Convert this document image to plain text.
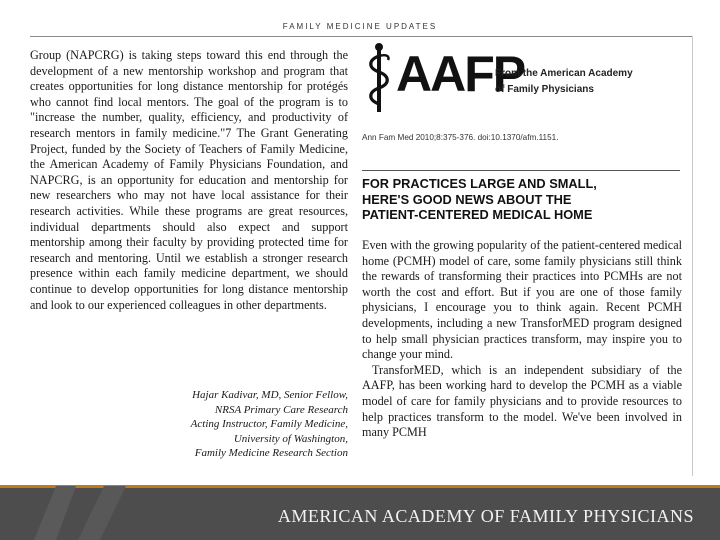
FAMILY MEDICINE UPDATES

Group (NAPCRG) is taking steps toward this end through the development of a new mentorship workshop and program that creates opportunities for long distance mentorship for protégés who cannot find local mentors. The goal of the program is to "increase the number, quality, efficiency, and productivity of research mentors in family medicine."7 The Grant Generating Project, funded by the Society of Teachers of Family Medicine, the American Academy of Family Physicians Foundation, and NAPCRG, is an opportunity for education and mentorship for new researchers who may not have local assistance for their research activities. While these programs are great resources, individual departments should also expect and support mentorship among their faculty by providing protected time for research and mentoring. Until we establish a stronger research presence within each family medicine department, we should continue to develop opportunities for long distance mentorship and look to our experienced colleagues in other departments.

Hajar Kadivar, MD, Senior Fellow,
NRSA Primary Care Research
Acting Instructor, Family Medicine,
University of Washington,
Family Medicine Research Section
AAFP
From the American Academy
of Family Physicians
Ann Fam Med 2010;8:375-376. doi:10.1370/afm.1151.
FOR PRACTICES LARGE AND SMALL,
HERE'S GOOD NEWS ABOUT THE
PATIENT-CENTERED MEDICAL HOME

Even with the growing popularity of the patient-centered medical home (PCMH) model of care, some family physicians still think the rewards of transforming their practices into PCMHs are not worth the cost and effort. But if you are one of those family physicians, I encourage you to think again. Recent PCMH developments, including a new TransforMED program designed to help small physician practices transform, may inspire you to change your mind.

TransforMED, which is an independent subsidiary of the AAFP, has been working hard to develop the PCMH as a viable model of care for family physicians and to provide resources to help practices transform to the model. We've been involved in many PCMH

AMERICAN ACADEMY OF FAMILY PHYSICIANS
